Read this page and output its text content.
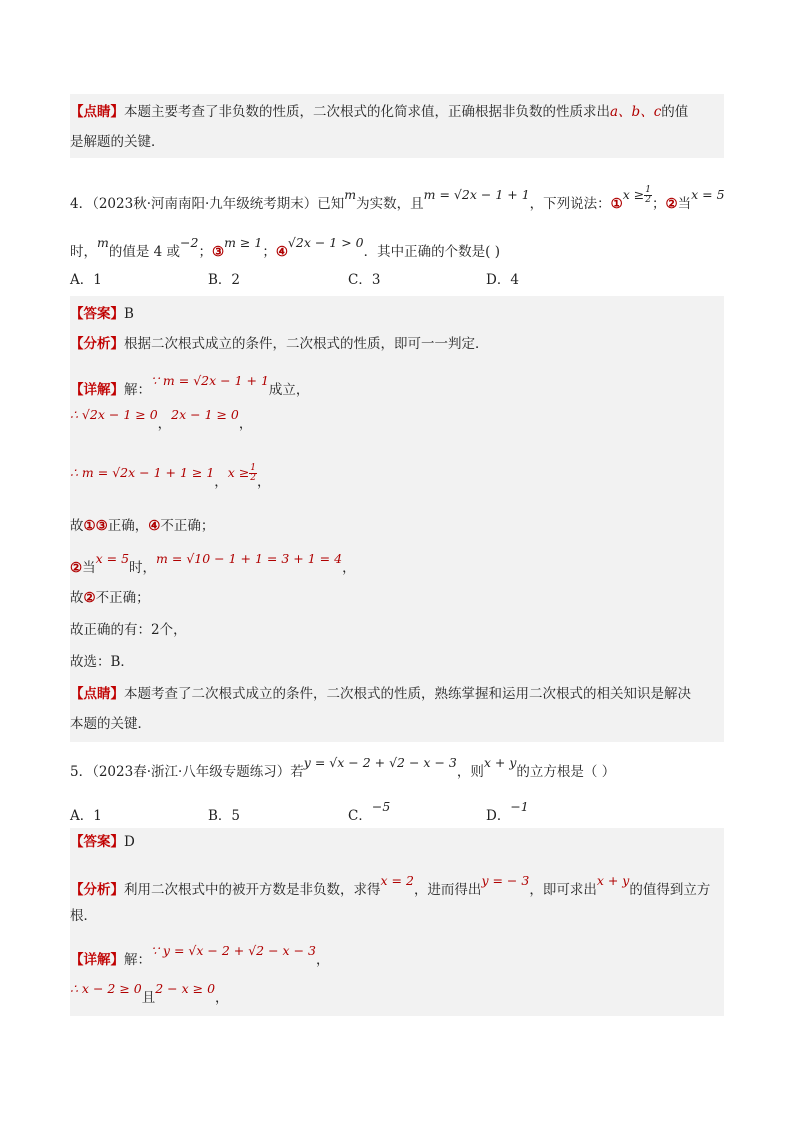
【点睛】本题主要考查了非负数的性质，二次根式的化简求值，正确根据非负数的性质求出a、b、c的值
是解题的关键．
4．（2023秋·河南南阳·九年级统考期末）已知m为实数，且m = √2x − 1 + 1，下列说法：①x ≥ $\frac{1}{2}$ ；②当x = 5
时，m的值是 4 或−2；③m ≥ 1；④√2x − 1 > 0．其中正确的个数是( )
A．1	B．2	C．3	D．4
【答案】B
【分析】根据二次根式成立的条件，二次根式的性质，即可一一判定．
【详解】解：∵ m = √2x − 1 + 1成立，
∴ √2x − 1 ≥ 0，2x − 1 ≥ 0，
∴ m = √2x − 1 + 1 ≥ 1，$x \ge \frac{1}{2}$ ，
故①③正确，④不正确；
②当x = 5时，m = √10 − 1 + 1 = 3 + 1 = 4，
故②不正确；
故正确的有：2个，
故选：B．
【点睛】本题考查了二次根式成立的条件，二次根式的性质，熟练掌握和运用二次根式的相关知识是解决
本题的关键．
5．（2023春·浙江·八年级专题练习）若y = √x − 2 + √2 − x − 3，则x + y的立方根是（ ）
A．1	B．5	C．−5
D．−1
【答案】D
【分析】利用二次根式中的被开方数是非负数，求得x = 2，进而得出y = − 3，即可求出x + y的值得到立方
根．
【详解】解：∵ y = √x − 2 + √2 − x − 3，
∴ x − 2 ≥ 0且2 − x ≥ 0，
